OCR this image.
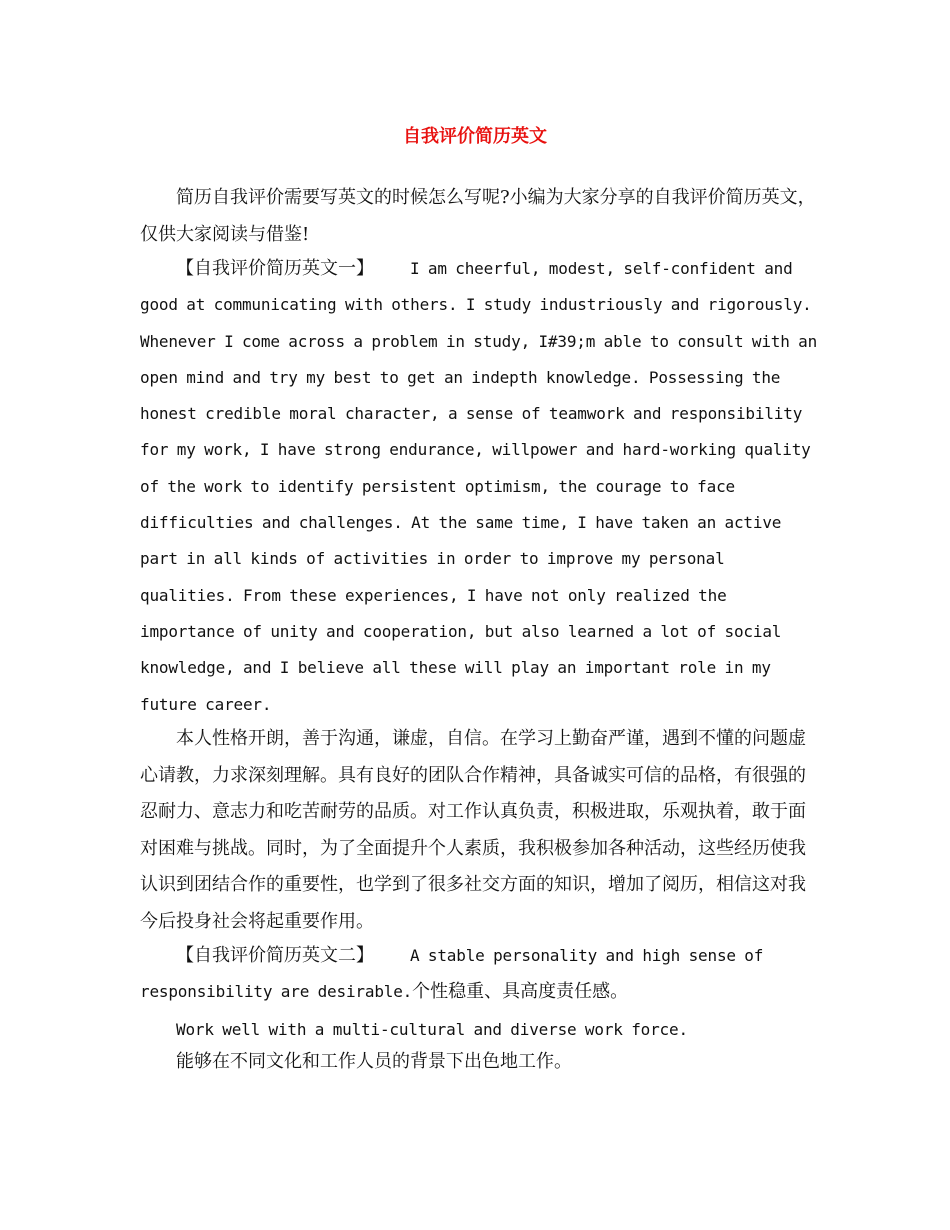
自我评价简历英文

简历自我评价需要写英文的时候怎么写呢?小编为大家分享的自我评价简历英文，仅供大家阅读与借鉴!

【自我评价简历英文一】 I am cheerful, modest, self-confident and good at communicating with others. I study industriously and rigorously. Whenever I come across a problem in study, I#39;m able to consult with an open mind and try my best to get an indepth knowledge. Possessing the honest credible moral character, a sense of teamwork and responsibility for my work, I have strong endurance, willpower and hard-working quality of the work to identify persistent optimism, the courage to face difficulties and challenges. At the same time, I have taken an active part in all kinds of activities in order to improve my personal qualities. From these experiences, I have not only realized the importance of unity and cooperation, but also learned a lot of social knowledge, and I believe all these will play an important role in my future career.

本人性格开朗，善于沟通，谦虚，自信。在学习上勤奋严谨，遇到不懂的问题虚心请教，力求深刻理解。具有良好的团队合作精神，具备诚实可信的品格，有很强的忍耐力、意志力和吃苦耐劳的品质。对工作认真负责，积极进取，乐观执着，敢于面对困难与挑战。同时，为了全面提升个人素质，我积极参加各种活动，这些经历使我认识到团结合作的重要性，也学到了很多社交方面的知识，增加了阅历，相信这对我今后投身社会将起重要作用。

【自我评价简历英文二】 A stable personality and high sense of responsibility are desirable.个性稳重、具高度责任感。

Work well with a multi-cultural and diverse work force.

能够在不同文化和工作人员的背景下出色地工作。
